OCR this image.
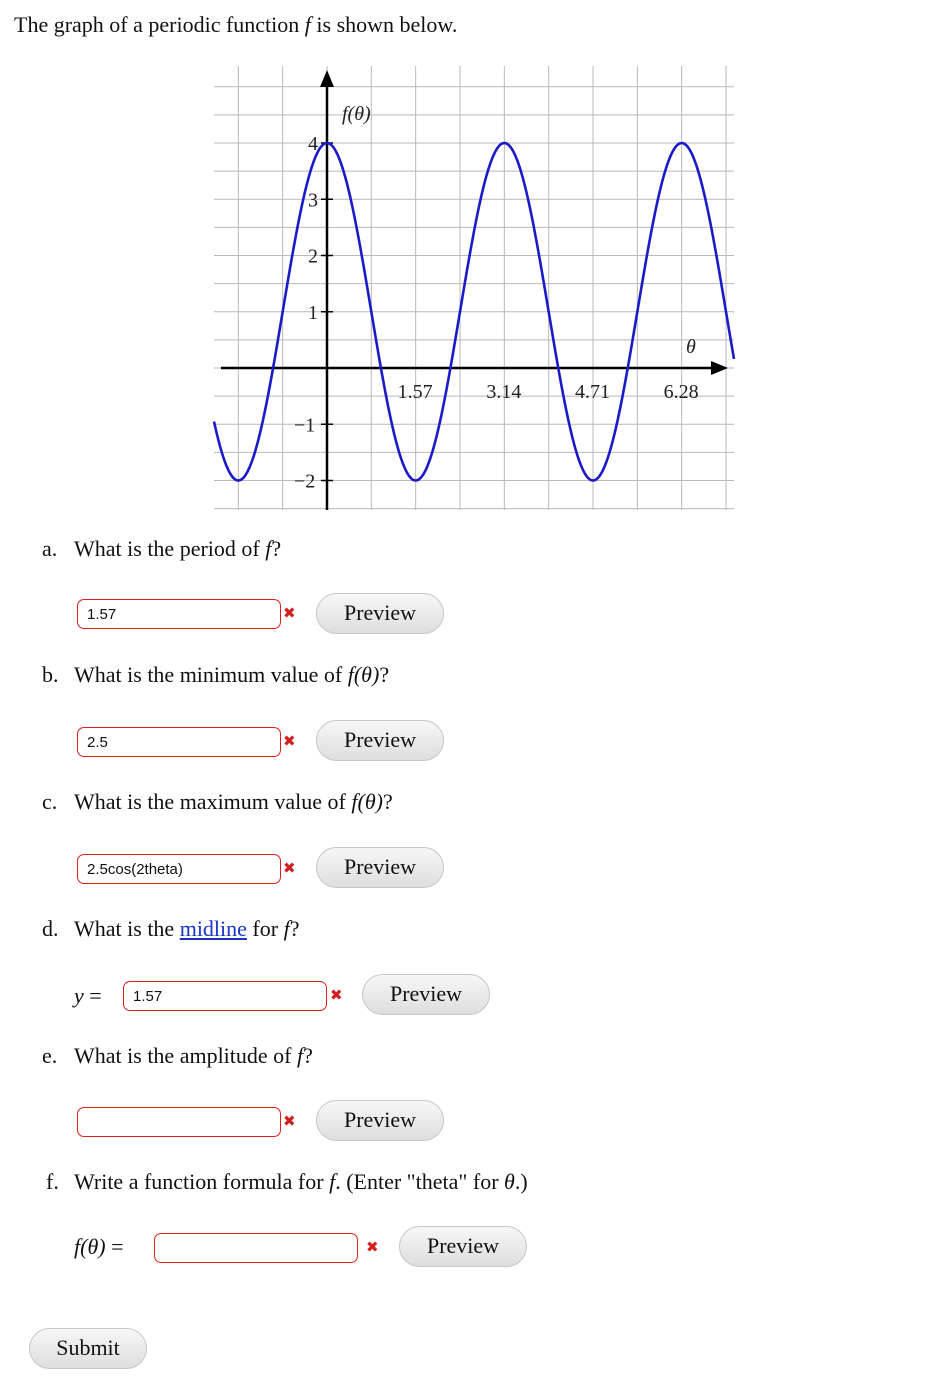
The graph of a periodic function f is shown below.
f(θ)
θ
1.57	3.14	4.71	6.28
4
3
2
1
−1
−2
a. What is the period of f?
1.57
✖	Preview
b. What is the minimum value of f(θ)?
2.5
✖	Preview
c. What is the maximum value of f(θ)?
2.5cos(2theta)
✖	Preview
d. What is the midline for f?
y =
1.57	✖	Preview
e. What is the amplitude of f?
✖	Preview
f. Write a function formula for f. (Enter "theta" for θ.)
f(θ) =	✖	Preview
Submit
